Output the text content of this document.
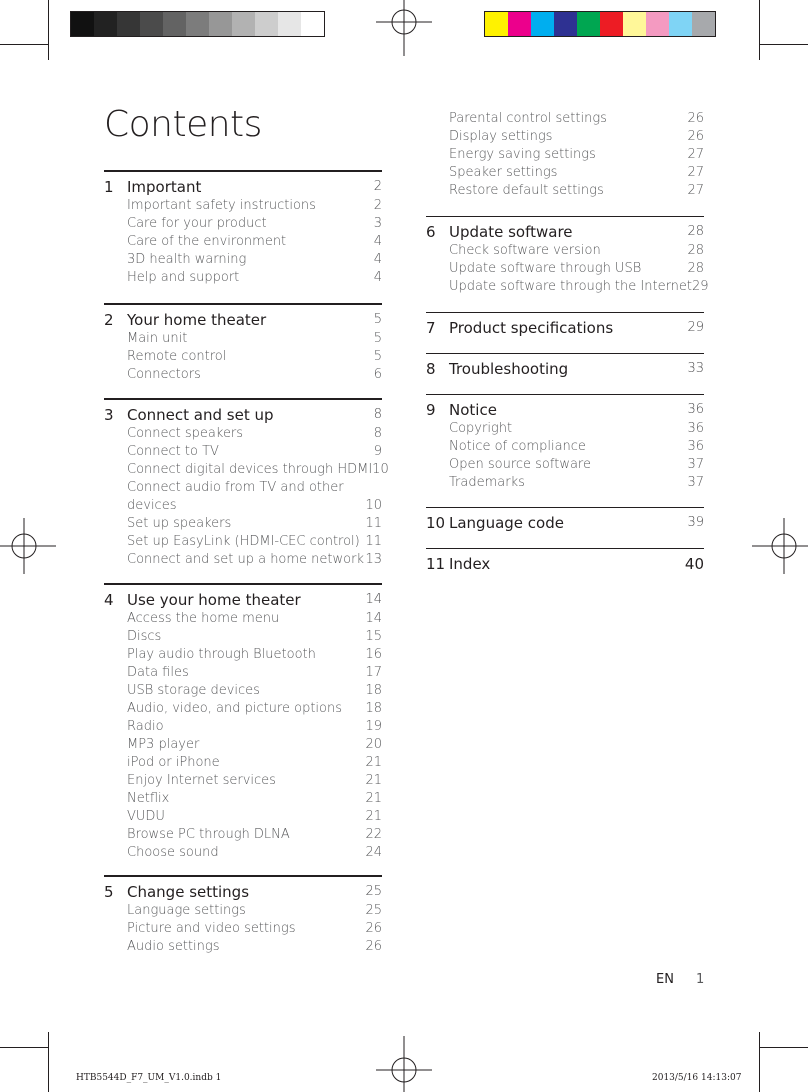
Contents	Parental control settings	26
Display settings	26
Energy saving settings	27
Speaker settings	27
Restore default settings	27
EN 1
HTB5544D_F7_UM_V1.0.indb 1	2013/5/16 14:13:07
1 Important	2
Important safety instructions	2
Care for your product	3
Care of the environment	4
3D health warning	4
Help and support	4
2 Your home theater	5
Main unit	5
Remote control	5
Connectors	6
3 Connect and set up	8
Connect speakers	8
Connect to TV	9
Connect digital devices through HDMI 10
Connect audio from TV and other devices	10
Set up speakers	11
Set up EasyLink (HDMI-CEC control) 11
Connect and set up a home network 13
4 Use your home theater	14
Access the home menu	14
Discs	15
Play audio through Bluetooth	16
Data files	17
USB storage devices	18
Audio, video, and picture options	18
Radio	19
MP3 player	20
iPod or iPhone	21
Enjoy Internet services	21
Netflix	21
VUDU	21
Browse PC through DLNA	22
Choose sound	24
5 Change settings	25
Language settings	25
Picture and video settings	26
Audio settings	26
6 Update software	28
Check software version	28
Update software through USB	28
Update software through the Internet 29
7 Product specifications	29
8 Troubleshooting	33
9 Notice	36
Copyright	36
Notice of compliance	36
Open source software	37
Trademarks	37
10 Language code	39
11 Index	40
